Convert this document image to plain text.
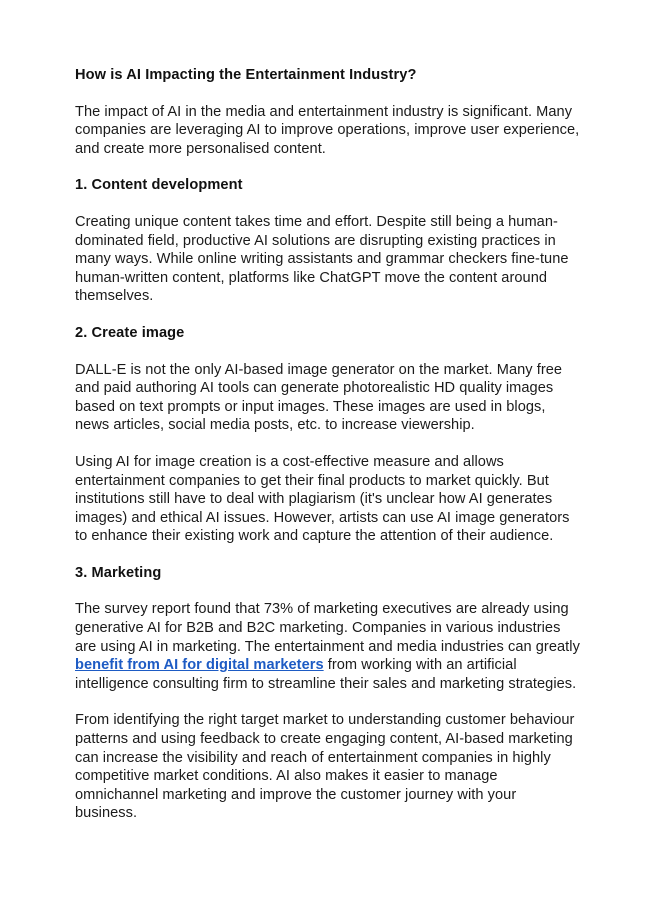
How is AI Impacting the Entertainment Industry?

The impact of AI in the media and entertainment industry is significant. Many companies are leveraging AI to improve operations, improve user experience, and create more personalised content.

1. Content development

Creating unique content takes time and effort. Despite still being a human-dominated field, productive AI solutions are disrupting existing practices in many ways. While online writing assistants and grammar checkers fine-tune human-written content, platforms like ChatGPT move the content around themselves.

2. Create image

DALL-E is not the only AI-based image generator on the market. Many free and paid authoring AI tools can generate photorealistic HD quality images based on text prompts or input images. These images are used in blogs, news articles, social media posts, etc. to increase viewership.

Using AI for image creation is a cost-effective measure and allows entertainment companies to get their final products to market quickly. But institutions still have to deal with plagiarism (it's unclear how AI generates images) and ethical AI issues. However, artists can use AI image generators to enhance their existing work and capture the attention of their audience.

3. Marketing

The survey report found that 73% of marketing executives are already using generative AI for B2B and B2C marketing. Companies in various industries are using AI in marketing. The entertainment and media industries can greatly benefit from AI for digital marketers from working with an artificial intelligence consulting firm to streamline their sales and marketing strategies.

From identifying the right target market to understanding customer behaviour patterns and using feedback to create engaging content, AI-based marketing can increase the visibility and reach of entertainment companies in highly competitive market conditions. AI also makes it easier to manage omnichannel marketing and improve the customer journey with your business.
